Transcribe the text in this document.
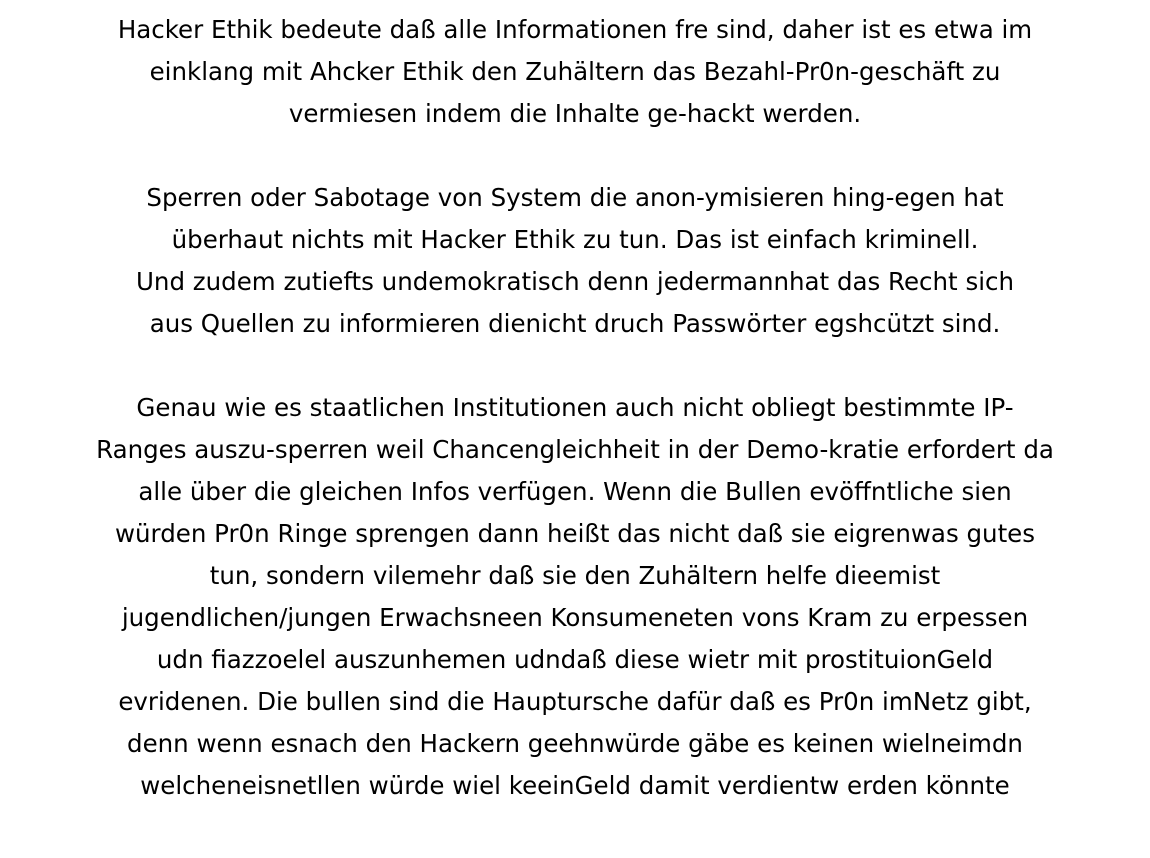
Hacker Ethik bedeute daß alle Informationen fre sind, daher ist es etwa im
einklang mit Ahcker Ethik den Zuhältern das Bezahl-Pr0n-geschäft zu
vermiesen indem die Inhalte ge-hackt werden.
Sperren oder Sabotage von System die anon-ymisieren hing-egen hat
überhaut nichts mit Hacker Ethik zu tun. Das ist einfach kriminell.
Und zudem zutiefts undemokratisch denn jedermannhat das Recht sich
aus Quellen zu informieren dienicht druch Passwörter egshcützt sind.
Genau wie es staatlichen Institutionen auch nicht obliegt bestimmte IP-
Ranges auszu-sperren weil Chancengleichheit in der Demo-kratie erfordert da
alle über die gleichen Infos verfügen. Wenn die Bullen evöffntliche sien
würden Pr0n Ringe sprengen dann heißt das nicht daß sie eigrenwas gutes
tun, sondern vilemehr daß sie den Zuhältern helfe dieemist
jugendlichen/jungen Erwachsneen Konsumeneten vons Kram zu erpessen
udn fiazzoelel auszunhemen udndaß diese wietr mit prostituionGeld
evridenen. Die bullen sind die Hauptursche dafür daß es Pr0n imNetz gibt,
denn wenn esnach den Hackern geehnwürde gäbe es keinen wielneimdn
welcheneisnetllen würde wiel keeinGeld damit verdientw erden könnte
